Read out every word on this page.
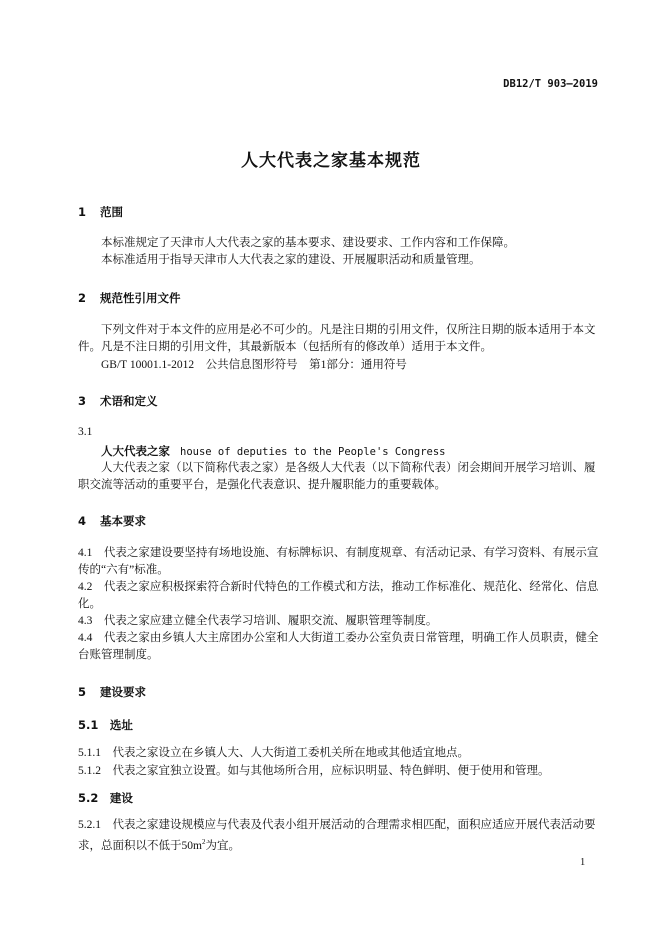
DB12/T 903—2019
人大代表之家基本规范
1 范围
本标准规定了天津市人大代表之家的基本要求、建设要求、工作内容和工作保障。
本标准适用于指导天津市人大代表之家的建设、开展履职活动和质量管理。
2 规范性引用文件
下列文件对于本文件的应用是必不可少的。凡是注日期的引用文件，仅所注日期的版本适用于本文件。凡是不注日期的引用文件，其最新版本（包括所有的修改单）适用于本文件。
GB/T 10001.1-2012　公共信息图形符号　第1部分：通用符号
3 术语和定义
3.1
人大代表之家 house of deputies to the People's Congress
人大代表之家（以下简称代表之家）是各级人大代表（以下简称代表）闭会期间开展学习培训、履职交流等活动的重要平台，是强化代表意识、提升履职能力的重要载体。
4 基本要求
4.1　 代表之家建设要坚持有场地设施、有标牌标识、有制度规章、有活动记录、有学习资料、有展示宣传的“六有”标准。
4.2　 代表之家应积极探索符合新时代特色的工作模式和方法，推动工作标准化、规范化、经常化、信息化。
4.3　 代表之家应建立健全代表学习培训、履职交流、履职管理等制度。
4.4　 代表之家由乡镇人大主席团办公室和人大街道工委办公室负责日常管理，明确工作人员职责，健全台账管理制度。
5 建设要求
5.1　 选址
5.1.1　 代表之家设立在乡镇人大、人大街道工委机关所在地或其他适宜地点。
5.1.2　 代表之家宜独立设置。如与其他场所合用，应标识明显、特色鲜明、便于使用和管理。
5.2　 建设
5.2.1　 代表之家建设规模应与代表及代表小组开展活动的合理需求相匹配，面积应适应开展代表活动要求，总面积以不低于$50m^2$为宜。
1
